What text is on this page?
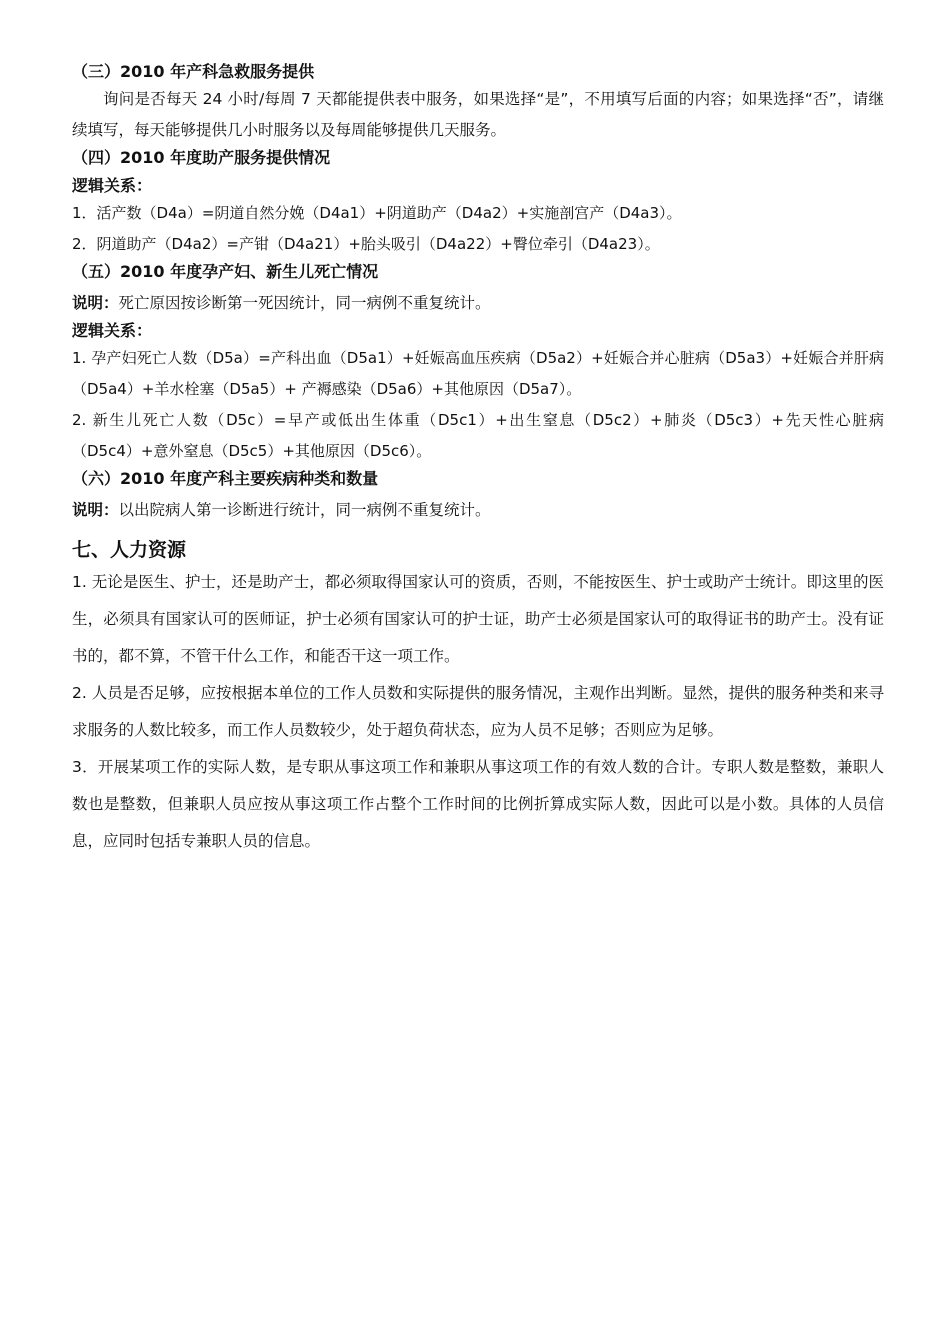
（三）2010 年产科急救服务提供

询问是否每天 24 小时/每周 7 天都能提供表中服务，如果选择“是”，不用填写后面的内容；如果选择“否”，请继续填写，每天能够提供几小时服务以及每周能够提供几天服务。

（四）2010 年度助产服务提供情况
逻辑关系：

1．活产数（D4a）=阴道自然分娩（D4a1）+阴道助产（D4a2）+实施剖宫产（D4a3）。

2．阴道助产（D4a2）=产钳（D4a21）+胎头吸引（D4a22）+臀位牵引（D4a23）。

（五）2010 年度孕产妇、新生儿死亡情况

说明：死亡原因按诊断第一死因统计，同一病例不重复统计。

逻辑关系：

1. 孕产妇死亡人数（D5a）=产科出血（D5a1）+妊娠高血压疾病（D5a2）+妊娠合并心脏病（D5a3）+妊娠合并肝病（D5a4）+羊水栓塞（D5a5）+ 产褥感染（D5a6）+其他原因（D5a7）。

2. 新生儿死亡人数（D5c）=早产或低出生体重（D5c1）+出生窒息（D5c2）+肺炎（D5c3）+先天性心脏病（D5c4）+意外窒息（D5c5）+其他原因（D5c6）。

（六）2010 年度产科主要疾病种类和数量

说明：以出院病人第一诊断进行统计，同一病例不重复统计。

七、人力资源

1. 无论是医生、护士，还是助产士，都必须取得国家认可的资质，否则，不能按医生、护士或助产士统计。即这里的医生，必须具有国家认可的医师证，护士必须有国家认可的护士证，助产士必须是国家认可的取得证书的助产士。没有证书的，都不算，不管干什么工作，和能否干这一项工作。

2. 人员是否足够，应按根据本单位的工作人员数和实际提供的服务情况，主观作出判断。显然，提供的服务种类和来寻求服务的人数比较多，而工作人员数较少，处于超负荷状态，应为人员不足够；否则应为足够。

3．开展某项工作的实际人数，是专职从事这项工作和兼职从事这项工作的有效人数的合计。专职人数是整数，兼职人数也是整数，但兼职人员应按从事这项工作占整个工作时间的比例折算成实际人数，因此可以是小数。具体的人员信息，应同时包括专兼职人员的信息。
